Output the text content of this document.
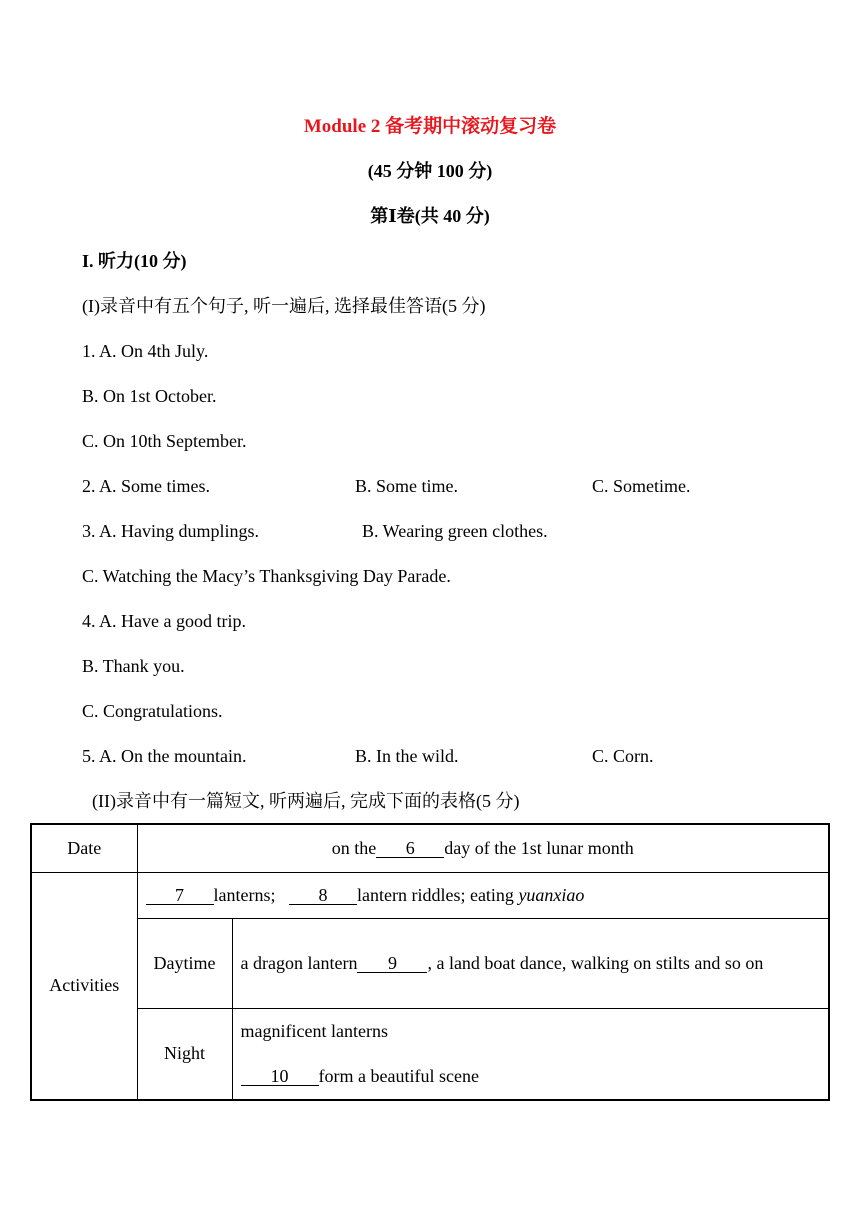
Module 2 备考期中滚动复习卷
(45 分钟 100 分)
第Ⅰ卷(共 40 分)
I. 听力(10 分)
(I)录音中有五个句子, 听一遍后, 选择最佳答语(5 分)
1. A. On 4th July.
B. On 1st October.
C. On 10th September.
2. A. Some times.	B. Some time.	C. Sometime.
3. A. Having dumplings.	B. Wearing green clothes.
C. Watching the Macy’s Thanksgiving Day Parade.
4. A. Have a good trip.
B. Thank you.
C. Congratulations.
5. A. On the mountain.	B. In the wild.	C. Corn.
(II)录音中有一篇短文, 听两遍后, 完成下面的表格(5 分)
Date	on the 6 day of the 1st lunar month	
Activities	7 lanterns; 8 lantern riddles; eating yuanxiao	
	Daytime	a dragon lantern 9 , a land boat dance, walking on stilts and so on
	Night	magnificent lanterns
10 form a beautiful scene
